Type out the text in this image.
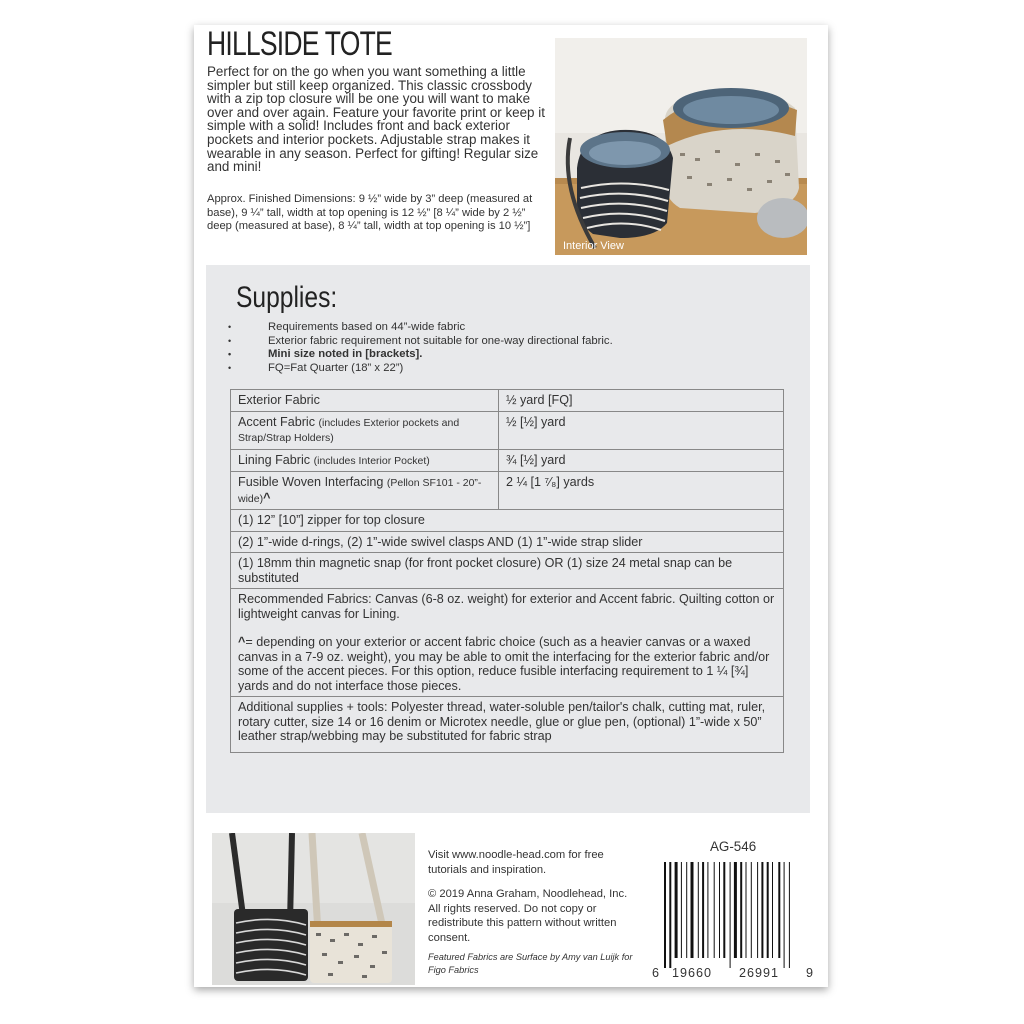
HILLSIDE TOTE
Perfect for on the go when you want something a little simpler but still keep organized. This classic crossbody with a zip top closure will be one you will want to make over and over again. Feature your favorite print or keep it simple with a solid! Includes front and back exterior pockets and interior pockets. Adjustable strap makes it wearable in any season. Perfect for gifting! Regular size and mini!
Approx. Finished Dimensions: 9 ½” wide by 3” deep (measured at base), 9 ¼” tall, width at top opening is 12 ½” [8 ¼” wide by 2 ½” deep (measured at base), 8 ¼” tall, width at top opening is 10 ½”]
Interior View
Supplies:
• Requirements based on 44”-wide fabric
• Exterior fabric requirement not suitable for one-way directional fabric.
• Mini size noted in [brackets].
• FQ=Fat Quarter (18” x 22”)
Exterior Fabric	½ yard [FQ]
Accent Fabric (includes Exterior pockets and Strap/Strap Holders)	½ [½] yard
Lining Fabric (includes Interior Pocket)	¾ [½] yard
Fusible Woven Interfacing (Pellon SF101 - 20”-wide)^	2 ¼ [1 ⁷⁄₈] yards
(1) 12” [10”] zipper for top closure	
(2) 1”-wide d-rings, (2) 1”-wide swivel clasps AND (1) 1”-wide strap slider	
(1) 18mm thin magnetic snap (for front pocket closure) OR (1) size 24 metal snap can be substituted	

Recommended Fabrics: Canvas (6-8 oz. weight) for exterior and Accent fabric. Quilting cotton or lightweight canvas for Lining.
^= depending on your exterior or accent fabric choice (such as a heavier canvas or a waxed canvas in a 7-9 oz. weight), you may be able to omit the interfacing for the exterior fabric and/or some of the accent pieces. For this option, reduce fusible interfacing requirement to 1 ¼ [¾] yards and do not interface those pieces.	

Additional supplies + tools: Polyester thread, water-soluble pen/tailor's chalk, cutting mat, ruler, rotary cutter, size 14 or 16 denim or Microtex needle, glue or glue pen, (optional) 1”-wide x 50” leather strap/webbing may be substituted for fabric strap	
Visit www.noodle-head.com for free tutorials and inspiration.
© 2019 Anna Graham, Noodlehead, Inc. All rights reserved. Do not copy or redistribute this pattern without written consent.
Featured Fabrics are Surface by Amy van Luijk for Figo Fabrics
AG-546
6 19660 26991 9
